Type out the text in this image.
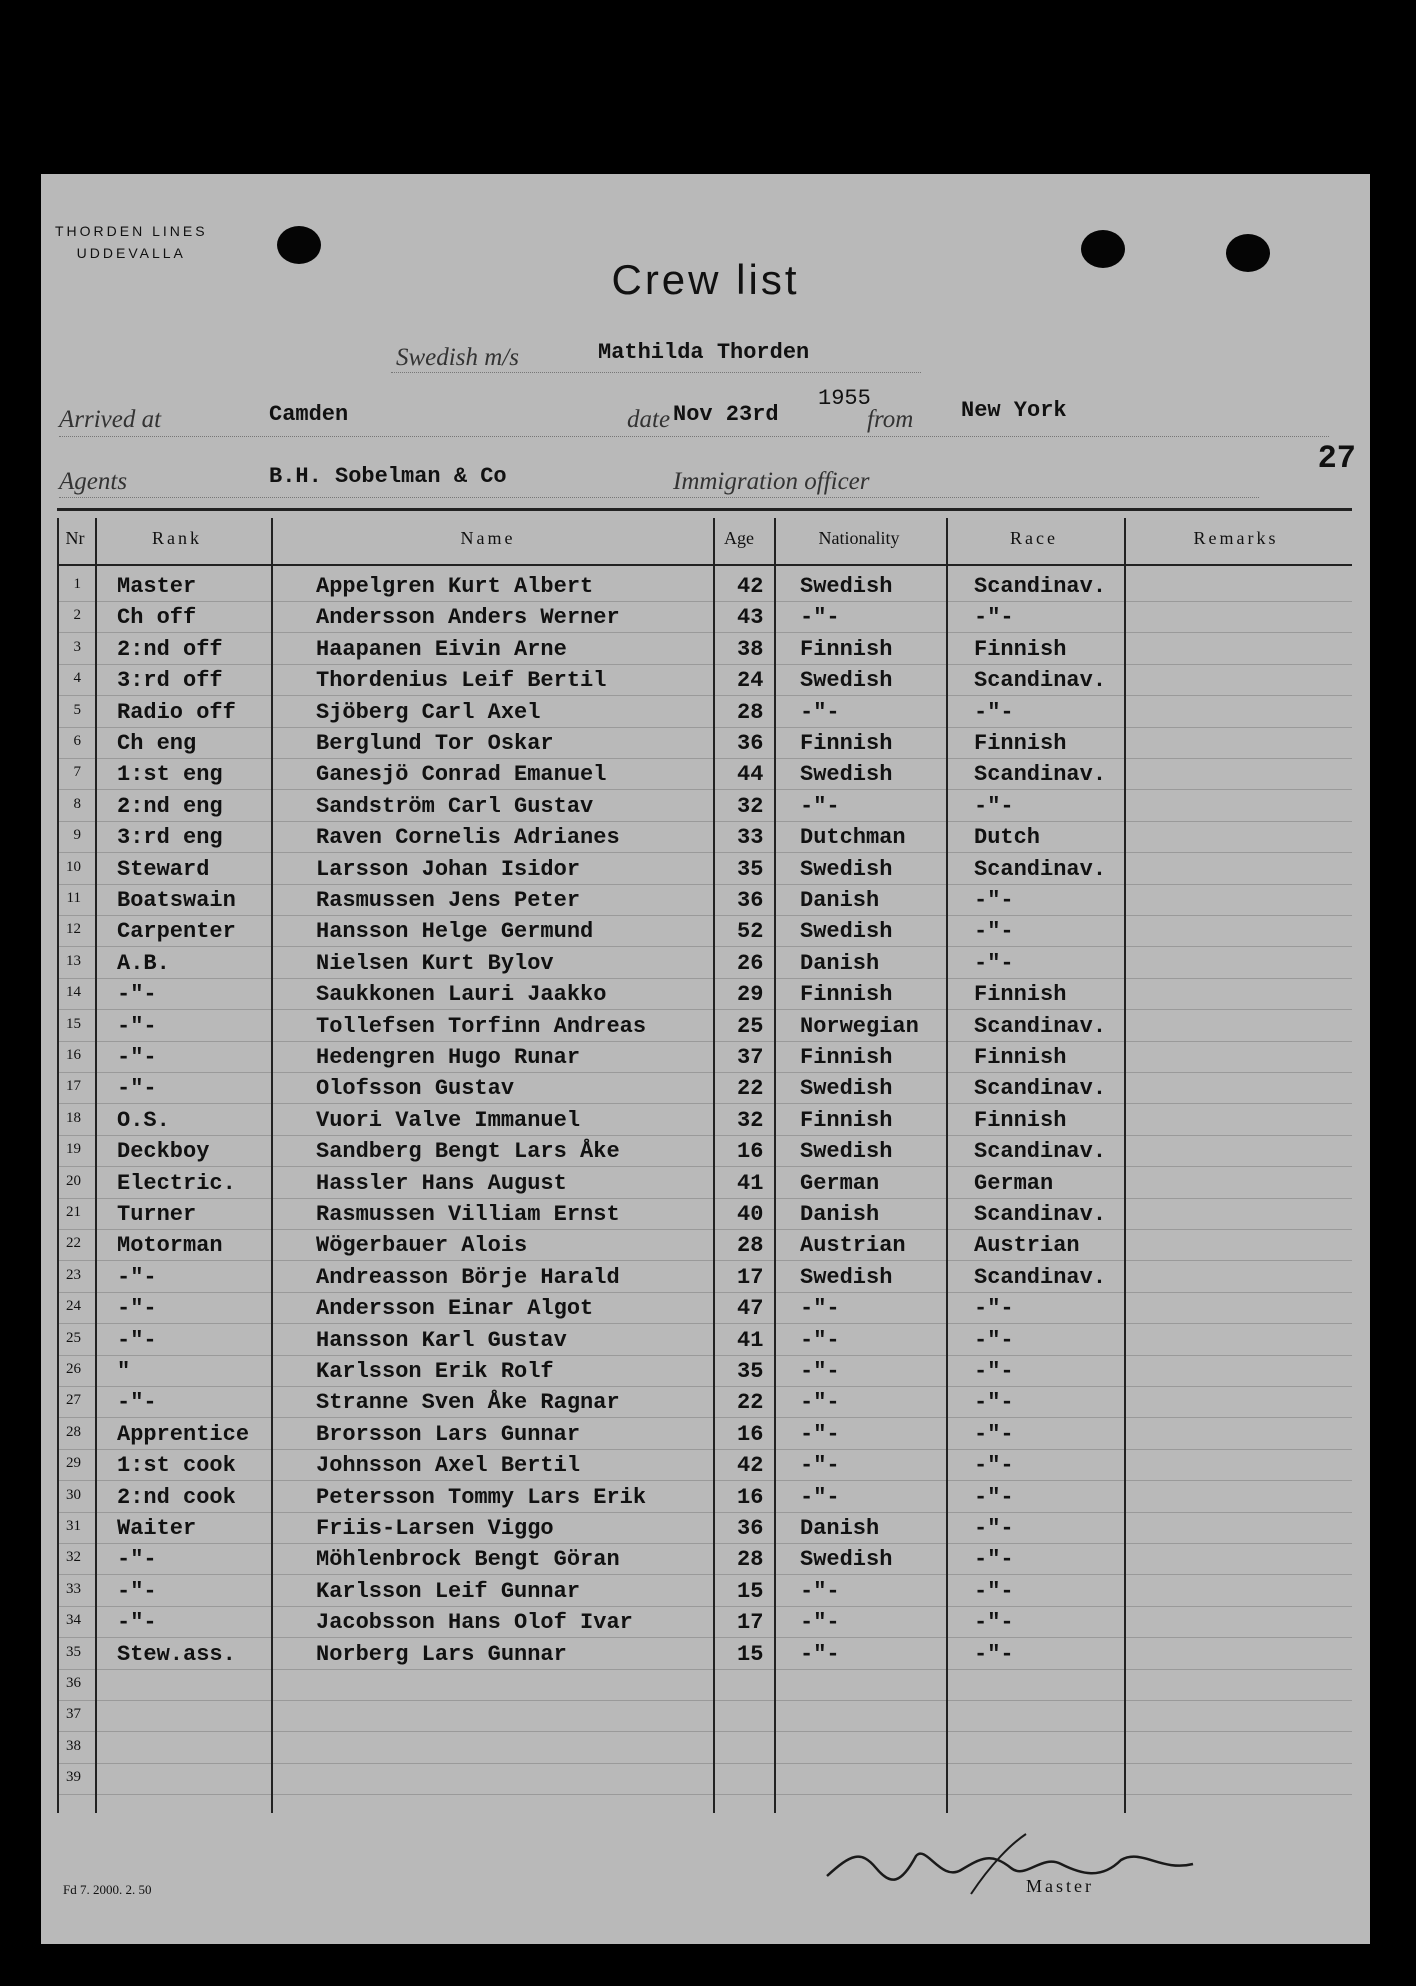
THORDEN LINES
UDDEVALLA
Crew list
Swedish m/s	Mathilda Thorden
Arrived at	Camden	date Nov 23rd
1955
from New York
Agents	B.H. Sobelman & Co	Immigration officer
27
Nr	Rank	Name	Age	Nationality	Race	Remarks
1 Master	Appelgren Kurt Albert	42 Swedish	Scandinav.
2 Ch off	Andersson Anders Werner	43 -"-	-"-
3 2:nd off	Haapanen Eivin Arne	38 Finnish	Finnish
4 3:rd off	Thordenius Leif Bertil	24 Swedish	Scandinav.
5 Radio off	Sjöberg Carl Axel	28 -"-	-"-
6 Ch eng	Berglund Tor Oskar	36 Finnish	Finnish
7 1:st eng	Ganesjö Conrad Emanuel	44 Swedish	Scandinav.
8 2:nd eng	Sandström Carl Gustav	32 -"-	-"-
9 3:rd eng	Raven Cornelis Adrianes	33 Dutchman	Dutch
10 Steward	Larsson Johan Isidor	35 Swedish	Scandinav.
11 Boatswain	Rasmussen Jens Peter	36 Danish	-"-
12 Carpenter	Hansson Helge Germund	52 Swedish	-"-
13 A.B.	Nielsen Kurt Bylov	26 Danish	-"-
14 -"-	Saukkonen Lauri Jaakko	29 Finnish	Finnish
15 -"-	Tollefsen Torfinn Andreas	25 Norwegian	Scandinav.
16 -"-	Hedengren Hugo Runar	37 Finnish	Finnish
17 -"-	Olofsson Gustav	22 Swedish	Scandinav.
18 O.S.	Vuori Valve Immanuel	32 Finnish	Finnish
19 Deckboy	Sandberg Bengt Lars Åke	16 Swedish	Scandinav.
20 Electric.	Hassler Hans August	41 German	German
21 Turner	Rasmussen Villiam Ernst	40 Danish	Scandinav.
22 Motorman	Wögerbauer Alois	28 Austrian	Austrian
23 -"-	Andreasson Börje Harald	17 Swedish	Scandinav.
24 -"-	Andersson Einar Algot	47 -"-	-"-
25 -"-	Hansson Karl Gustav	41 -"-	-"-
26 "	Karlsson Erik Rolf	35 -"-	-"-
27 -"-	Stranne Sven Åke Ragnar	22 -"-	-"-
28 Apprentice	Brorsson Lars Gunnar	16 -"-	-"-
29 1:st cook	Johnsson Axel Bertil	42 -"-	-"-
30 2:nd cook	Petersson Tommy Lars Erik	16 -"-	-"-
31 Waiter	Friis-Larsen Viggo	36 Danish	-"-
32 -"-	Möhlenbrock Bengt Göran	28 Swedish	-"-
33 -"-	Karlsson Leif Gunnar	15 -"-	-"-
34 -"-	Jacobsson Hans Olof Ivar	17 -"-	-"-
35 Stew.ass.	Norberg Lars Gunnar	15 -"-	-"-
36
37
38
39
Master
Fd 7. 2000. 2. 50
